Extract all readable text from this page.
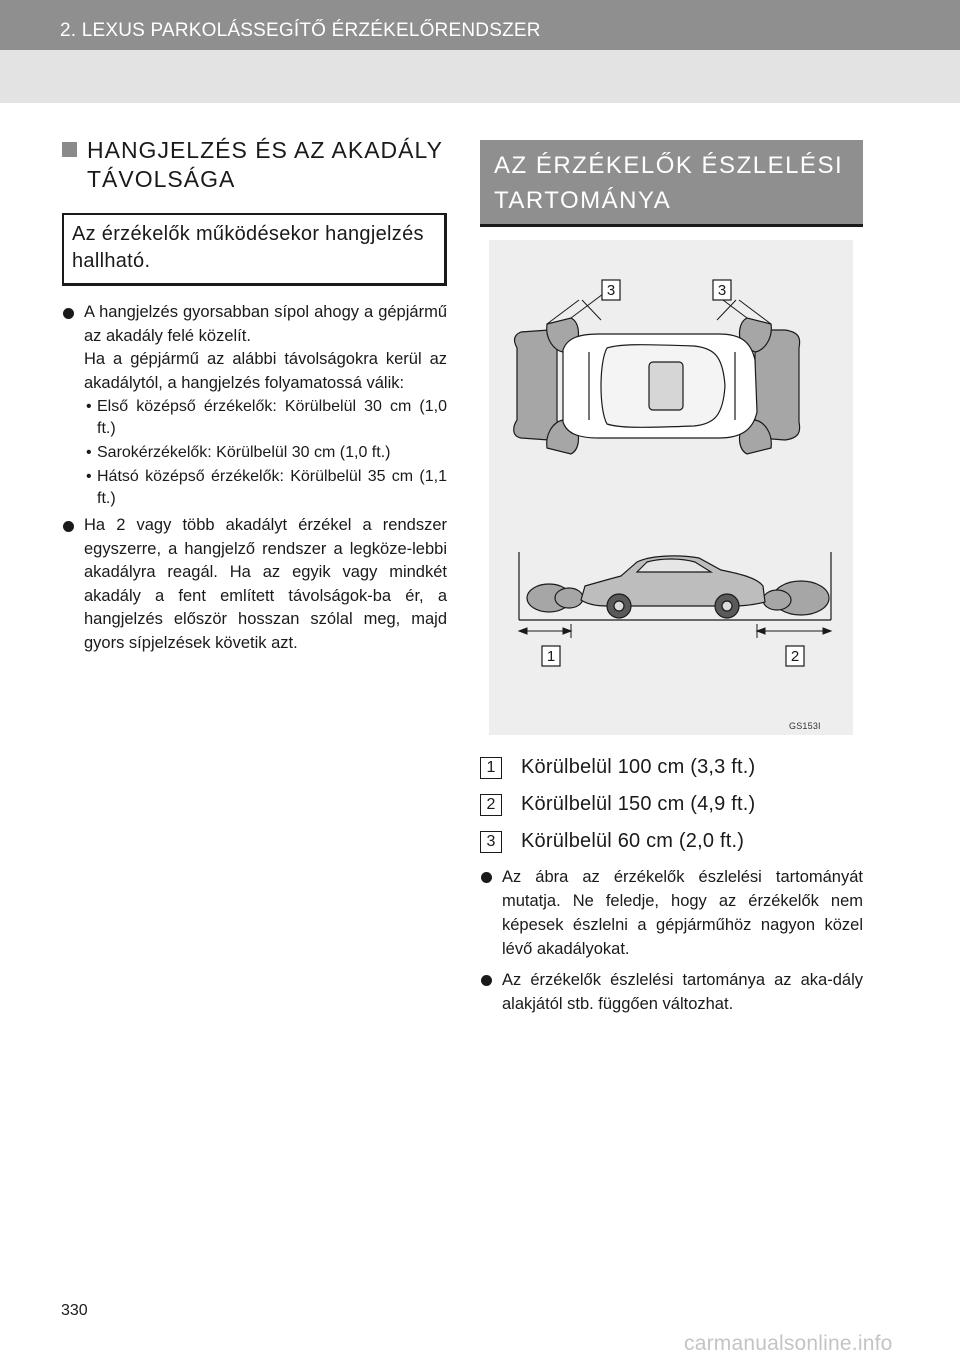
2. LEXUS PARKOLÁSSEGÍTŐ ÉRZÉKELŐRENDSZER
HANGJELZÉS ÉS AZ AKADÁLY TÁVOLSÁGA
Az érzékelők működésekor hangjelzés hallható.
A hangjelzés gyorsabban sípol ahogy a gépjármű az akadály felé közelít.
Ha a gépjármű az alábbi távolságokra kerül az akadálytól, a hangjelzés folyamatossá válik:
• Első középső érzékelők: Körülbelül 30 cm (1,0 ft.)
• Sarokérzékelők: Körülbelül 30 cm (1,0 ft.)
• Hátsó középső érzékelők: Körülbelül 35 cm (1,1 ft.)
Ha 2 vagy több akadályt érzékel a rendszer egyszerre, a hangjelző rendszer a legköze-lebbi akadályra reagál. Ha az egyik vagy mindkét akadály a fent említett távolságok-ba ér, a hangjelzés először hosszan szólal meg, majd gyors sípjelzések követik azt.
AZ ÉRZÉKELŐK ÉSZLELÉSI TARTOMÁNYA
3	3
1	2
GS153I
1	Körülbelül 100 cm (3,3 ft.)
2	Körülbelül 150 cm (4,9 ft.)
3	Körülbelül 60 cm (2,0 ft.)
Az ábra az érzékelők észlelési tartományát mutatja. Ne feledje, hogy az érzékelők nem képesek észlelni a gépjárműhöz nagyon közel lévő akadályokat.
Az érzékelők észlelési tartománya az aka-dály alakjától stb. függően változhat.
330
carmanualsonline.info
